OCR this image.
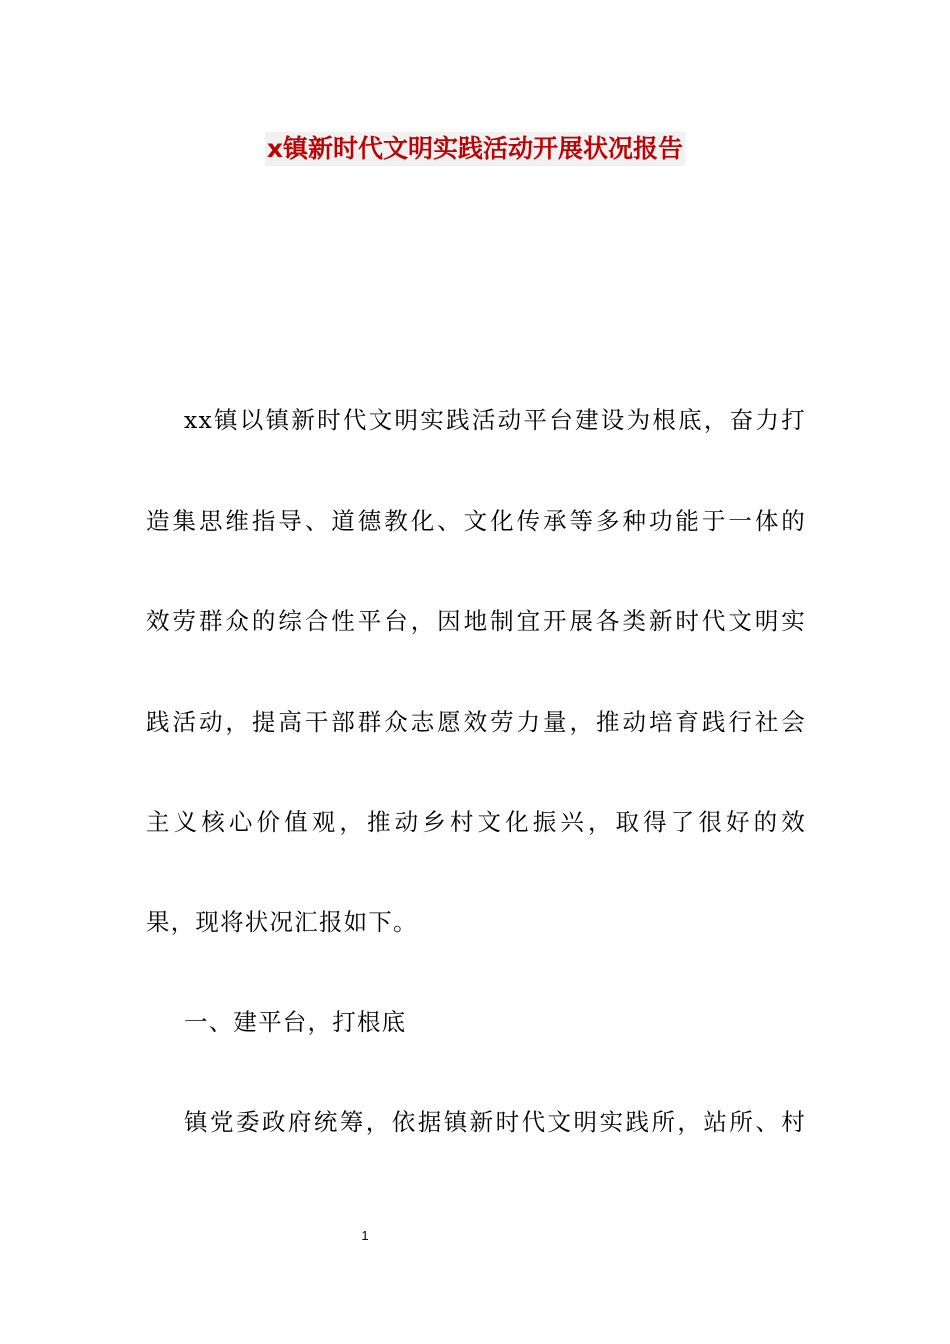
x镇新时代文明实践活动开展状况报告
xx镇以镇新时代文明实践活动平台建设为根底，奋力打
造集思维指导、道德教化、文化传承等多种功能于一体的
效劳群众的综合性平台，因地制宜开展各类新时代文明实
践活动，提高干部群众志愿效劳力量，推动培育践行社会
主义核心价值观，推动乡村文化振兴，取得了很好的效
果，现将状况汇报如下。
一、建平台，打根底
镇党委政府统筹，依据镇新时代文明实践所，站所、村
1
